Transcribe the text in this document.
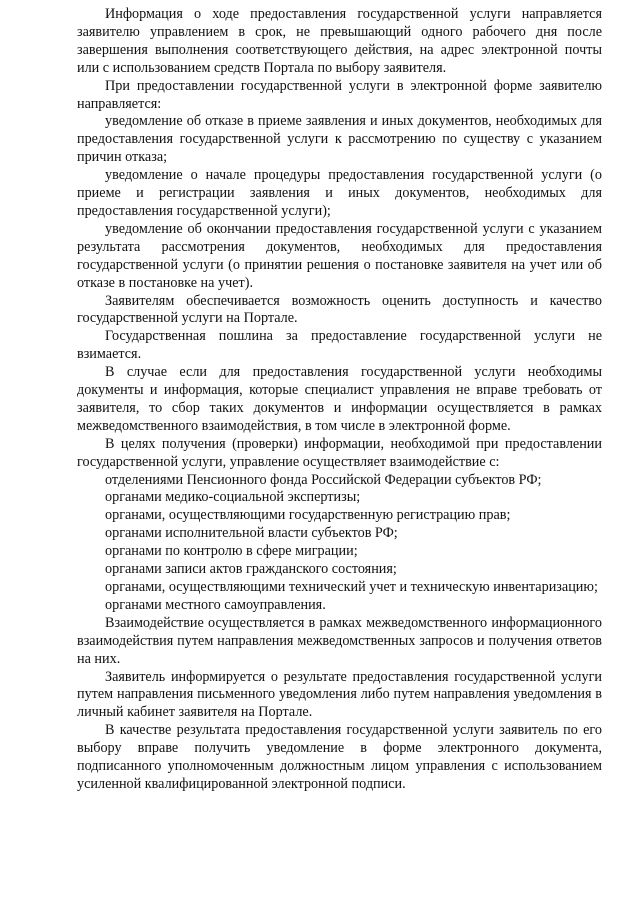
Информация о ходе предоставления государственной услуги направляется заявителю управлением в срок, не превышающий одного рабочего дня после завершения выполнения соответствующего действия, на адрес электронной почты или с использованием средств Портала по выбору заявителя.

При предоставлении государственной услуги в электронной форме заявителю направляется:

уведомление об отказе в приеме заявления и иных документов, необходимых для предоставления государственной услуги к рассмотрению по существу с указанием причин отказа;

уведомление о начале процедуры предоставления государственной услуги (о приеме и регистрации заявления и иных документов, необходимых для предоставления государственной услуги);

уведомление об окончании предоставления государственной услуги с указанием результата рассмотрения документов, необходимых для предоставления государственной услуги (о принятии решения о постановке заявителя на учет или об отказе в постановке на учет).

Заявителям обеспечивается возможность оценить доступность и качество государственной услуги на Портале.

Государственная пошлина за предоставление государственной услуги не взимается.

В случае если для предоставления государственной услуги необходимы документы и информация, которые специалист управления не вправе требовать от заявителя, то сбор таких документов и информации осуществляется в рамках межведомственного взаимодействия, в том числе в электронной форме.

В целях получения (проверки) информации, необходимой при предоставлении государственной услуги, управление осуществляет взаимодействие с:

отделениями Пенсионного фонда Российской Федерации субъектов РФ;

органами медико-социальной экспертизы;

органами, осуществляющими государственную регистрацию прав;

органами исполнительной власти субъектов РФ;

органами по контролю в сфере миграции;

органами записи актов гражданского состояния;

органами, осуществляющими технический учет и техническую инвентаризацию;

органами местного самоуправления.

Взаимодействие осуществляется в рамках межведомственного информационного взаимодействия путем направления межведомственных запросов и получения ответов на них.

Заявитель информируется о результате предоставления государственной услуги путем направления письменного уведомления либо путем направления уведомления в личный кабинет заявителя на Портале.

В качестве результата предоставления государственной услуги заявитель по его выбору вправе получить уведомление в форме электронного документа, подписанного уполномоченным должностным лицом управления с использованием усиленной квалифицированной электронной подписи.
